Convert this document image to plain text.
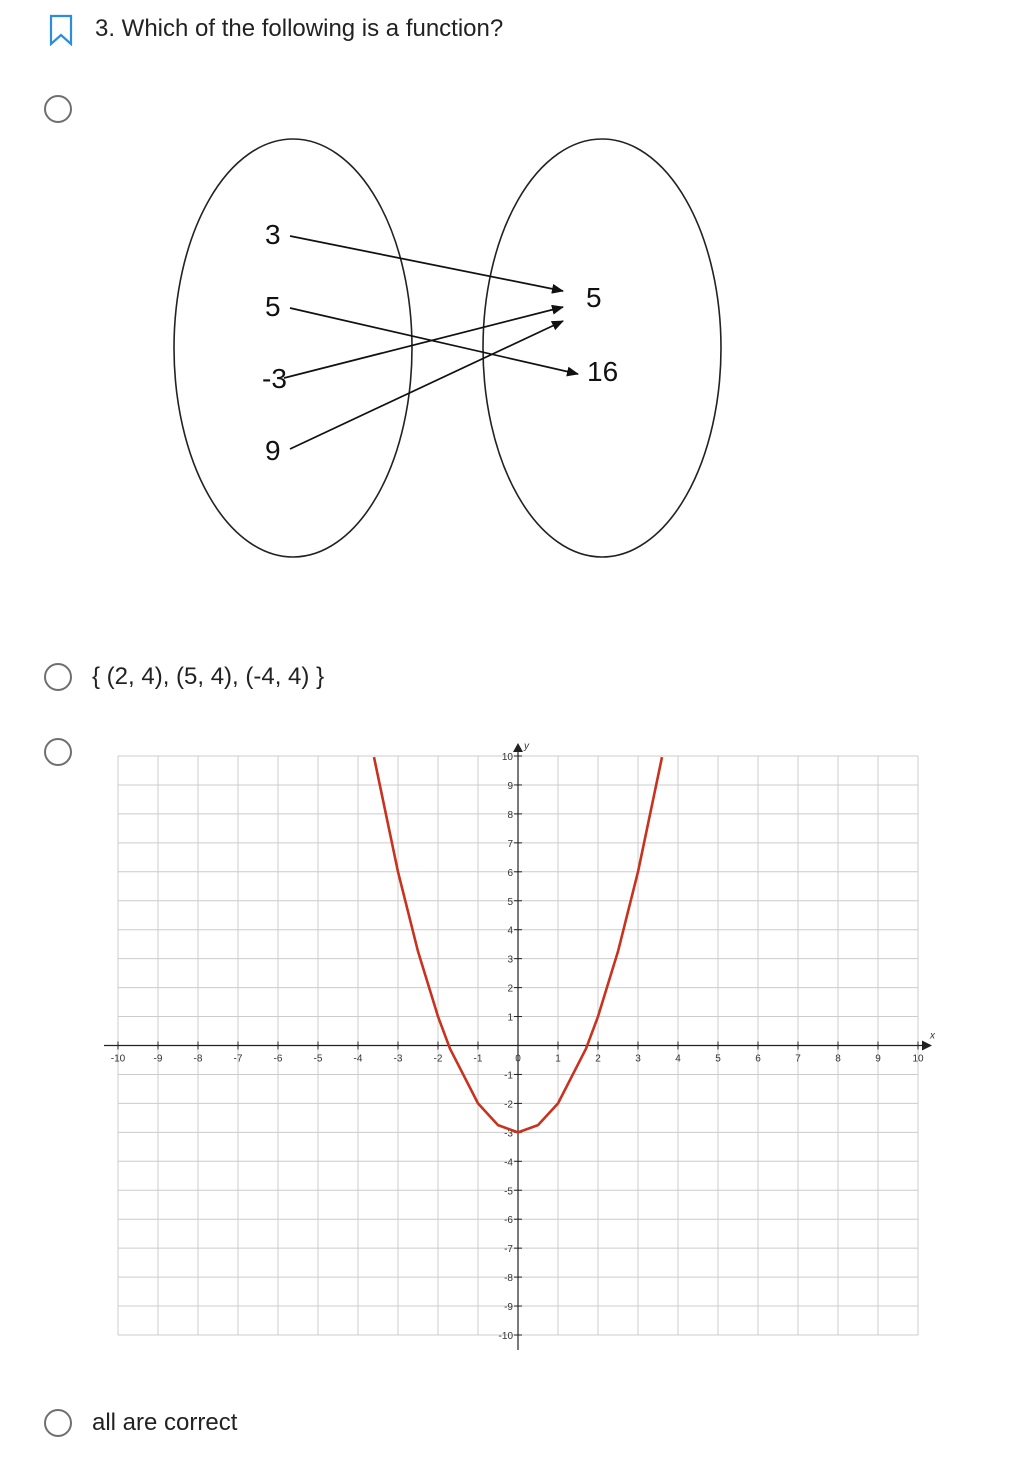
3. Which of the following is a function?
3
5
-3
9
5
16
{ (2, 4), (5, 4), (-4, 4) }
x
y
-10	-9	-8	-7	-6	-5	-4	-3	-2	-1	0	1	2	3	4	5	6	7	8	9	10
10
9
8
7
6
5
4
3
2
1
-1
-2
-3
-4
-5
-6
-7
-8
-9
-10
all are correct
